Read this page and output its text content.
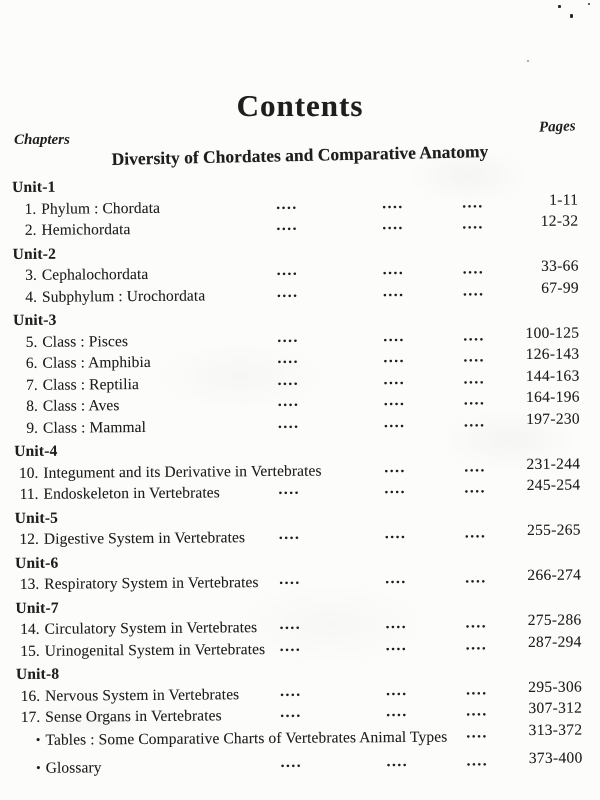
Contents
Chapters
Pages
Diversity of Chordates and Comparative Anatomy
Unit-1
1. Phylum : Chordata	....	....	....	1-11
2. Hemichordata	....	....	....	12-32
Unit-2
3. Cephalochordata	....	....	....	33-66
4. Subphylum : Urochordata	....	....	....	67-99
Unit-3
5. Class : Pisces	....	....	....	100-125
6. Class : Amphibia	....	....	....	126-143
7. Class : Reptilia	....	....	....	144-163
8. Class : Aves	....	....	....	164-196
9. Class : Mammal	....	....	....	197-230
Unit-4
10. Integument and its Derivative in Vertebrates	....	....	231-244
11. Endoskeleton in Vertebrates	....	....	....	245-254
Unit-5
12. Digestive System in Vertebrates ....	....	....	255-265
Unit-6
13. Respiratory System in Vertebrates ....	....	....	266-274
Unit-7
14. Circulatory System in Vertebrates ....	....	....	275-286
15. Urinogenital System in Vertebrates ....	....	....	287-294
Unit-8
16. Nervous System in Vertebrates	....	....	....	295-306
17. Sense Organs in Vertebrates	....	....	....	307-312
• Tables : Some Comparative Charts of Vertebrates Animal Types ....	313-372
• Glossary	....	....	....	373-400
